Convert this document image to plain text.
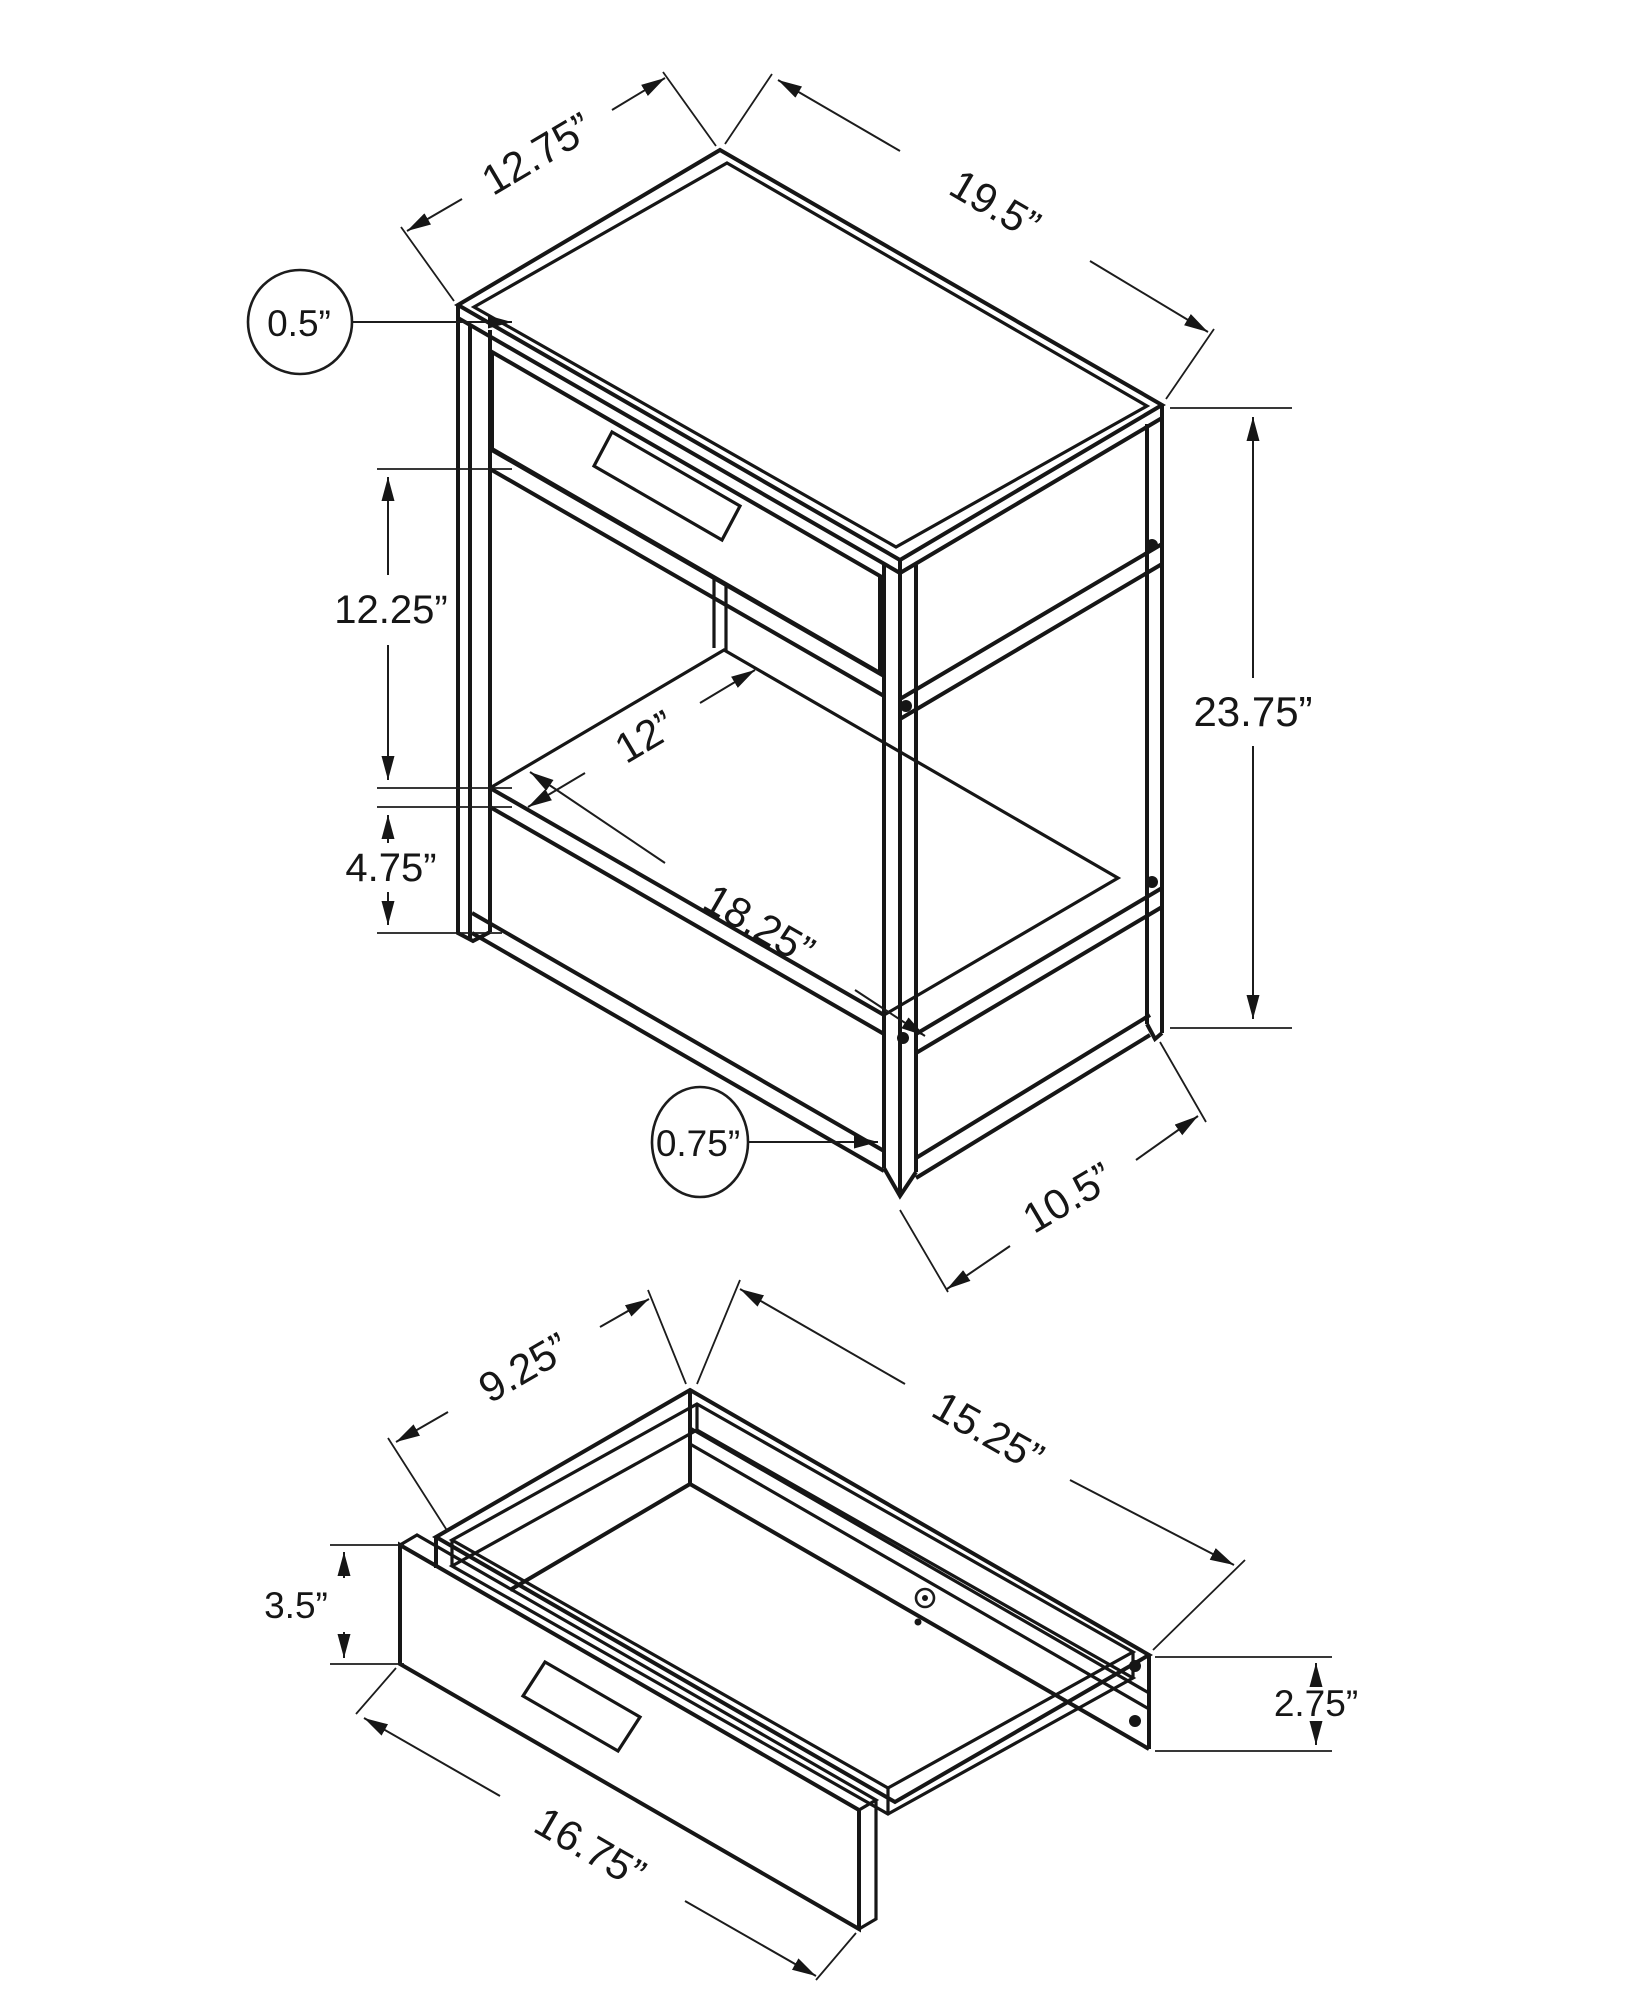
12.75”
19.5”
0.5”
12.25”
12”	23.75”
4.75”
18.25”
0.75”
10.5”
9.25”
15.25”
3.5”
2.75”
16.75”
